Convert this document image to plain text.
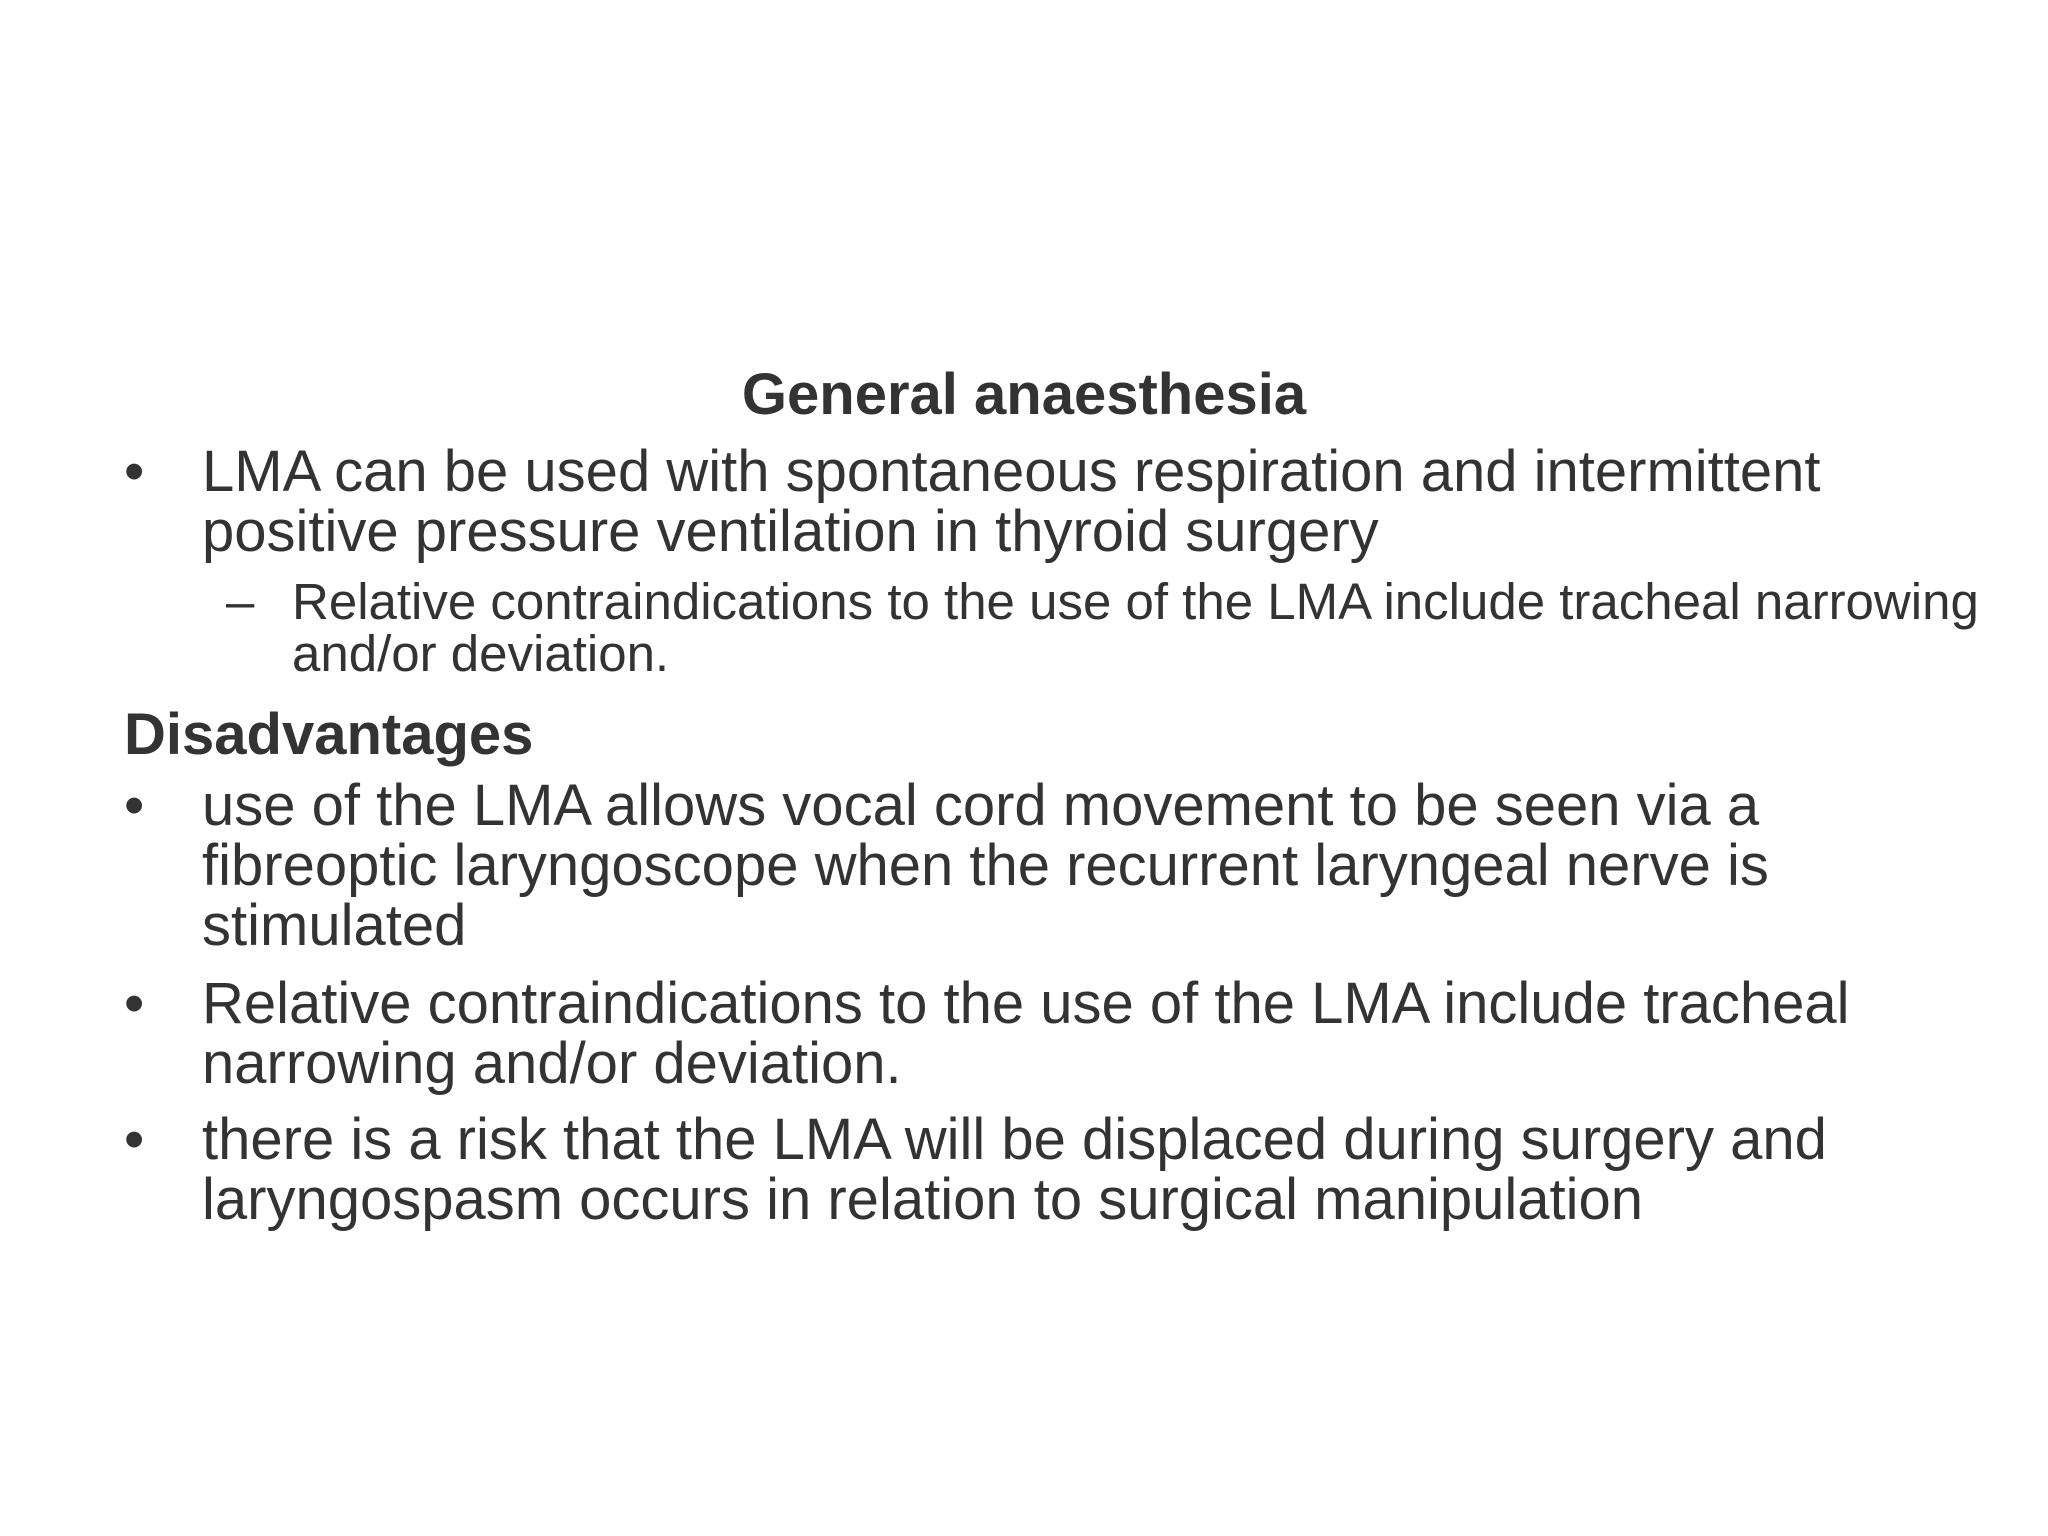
General anaesthesia
• LMA can be used with spontaneous respiration and intermittent positive pressure ventilation in thyroid surgery
– Relative contraindications to the use of the LMA include tracheal narrowing and/or deviation.
Disadvantages
• use of the LMA allows vocal cord movement to be seen via a fibreoptic laryngoscope when the recurrent laryngeal nerve is stimulated
• Relative contraindications to the use of the LMA include tracheal narrowing and/or deviation.
• there is a risk that the LMA will be displaced during surgery and laryngospasm occurs in relation to surgical manipulation
